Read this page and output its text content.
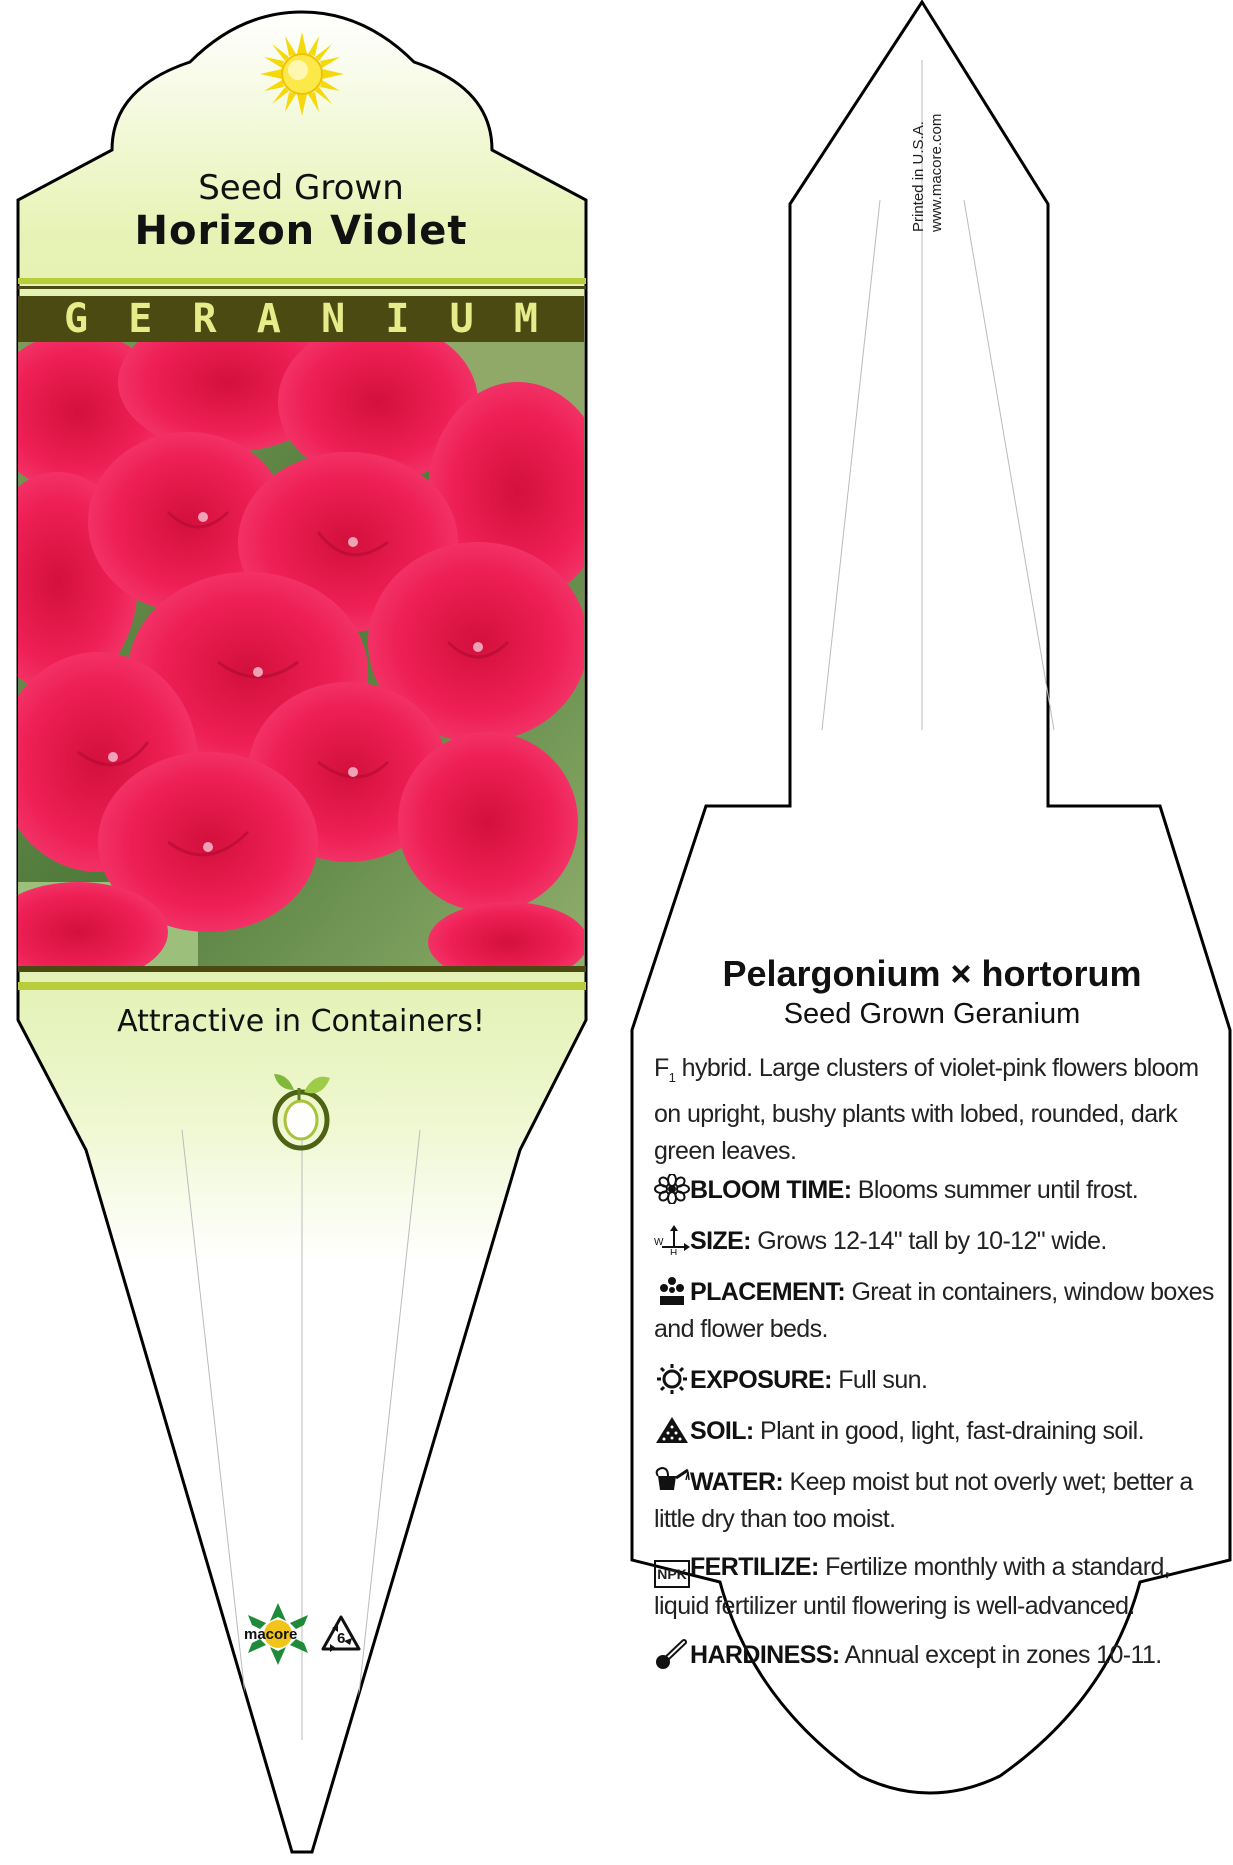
Seed Grown
Horizon Violet
G E R A N I U M
Attractive in Containers!
macore	6
Printed in U.S.A. www.macore.com
Pelargonium × hortorum
Seed Grown Geranium
$F_1$ hybrid. Large clusters of violet-pink flowers bloom on upright, bushy plants with lobed, rounded, dark green leaves.
BLOOM TIME: Blooms summer until frost.
W
H SIZE: Grows 12-14" tall by 10-12" wide.
PLACEMENT: Great in containers, window boxes and flower beds.
EXPOSURE: Full sun.
SOIL: Plant in good, light, fast-draining soil.
WATER: Keep moist but not overly wet; better a little dry than too moist.
NPK FERTILIZE: Fertilize monthly with a standard, liquid fertilizer until flowering is well-advanced.
HARDINESS: Annual except in zones 10-11.
